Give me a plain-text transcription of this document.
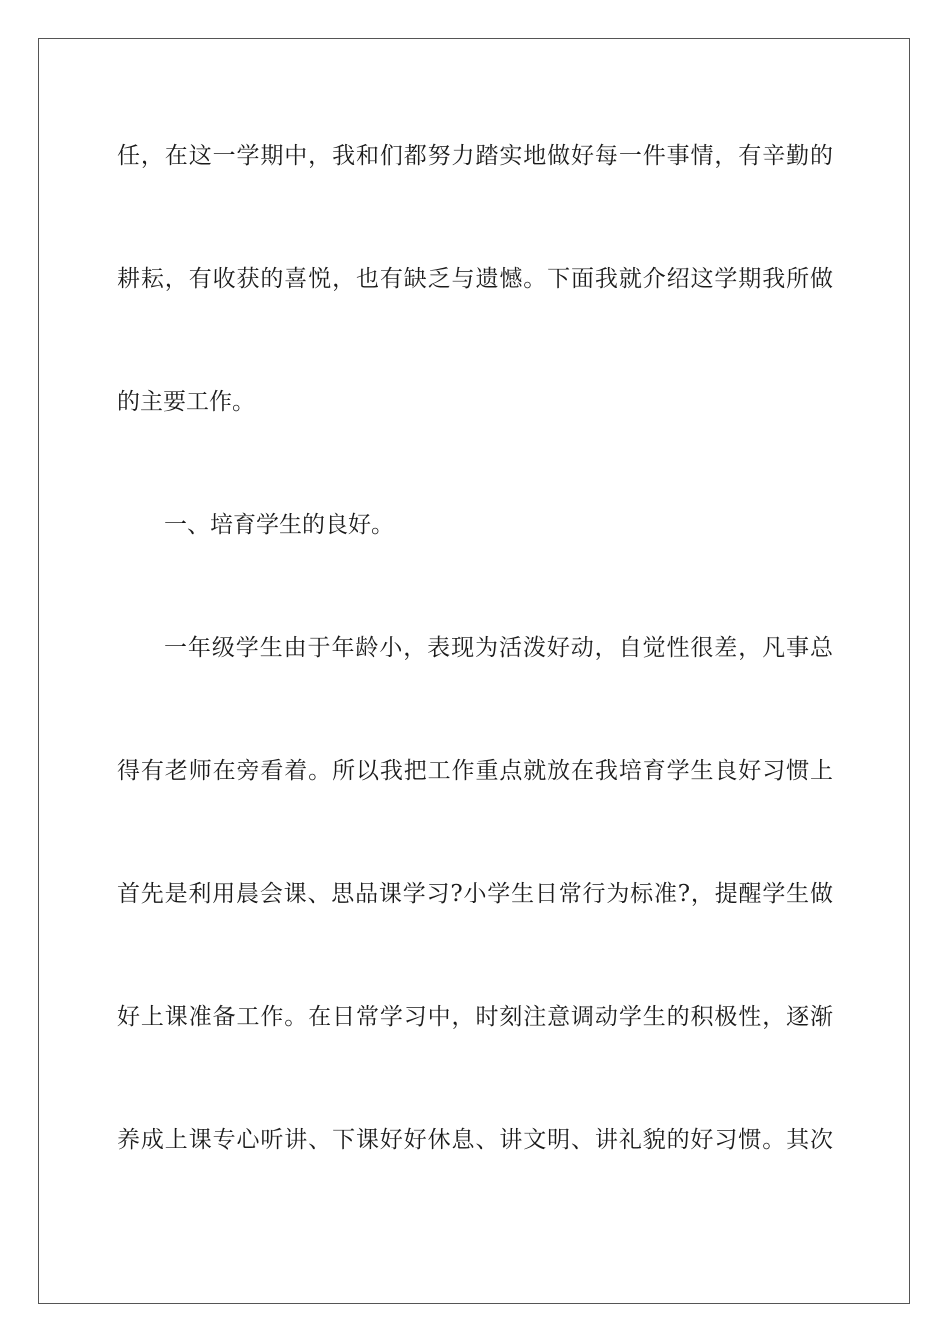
任，在这一学期中，我和们都努力踏实地做好每一件事情，有辛勤的
耕耘，有收获的喜悦，也有缺乏与遗憾。下面我就介绍这学期我所做
的主要工作。
一、培育学生的良好。
一年级学生由于年龄小，表现为活泼好动，自觉性很差，凡事总
得有老师在旁看着。所以我把工作重点就放在我培育学生良好习惯上
首先是利用晨会课、思品课学习?小学生日常行为标准?，提醒学生做
好上课准备工作。在日常学习中，时刻注意调动学生的积极性，逐渐
养成上课专心听讲、下课好好休息、讲文明、讲礼貌的好习惯。其次
